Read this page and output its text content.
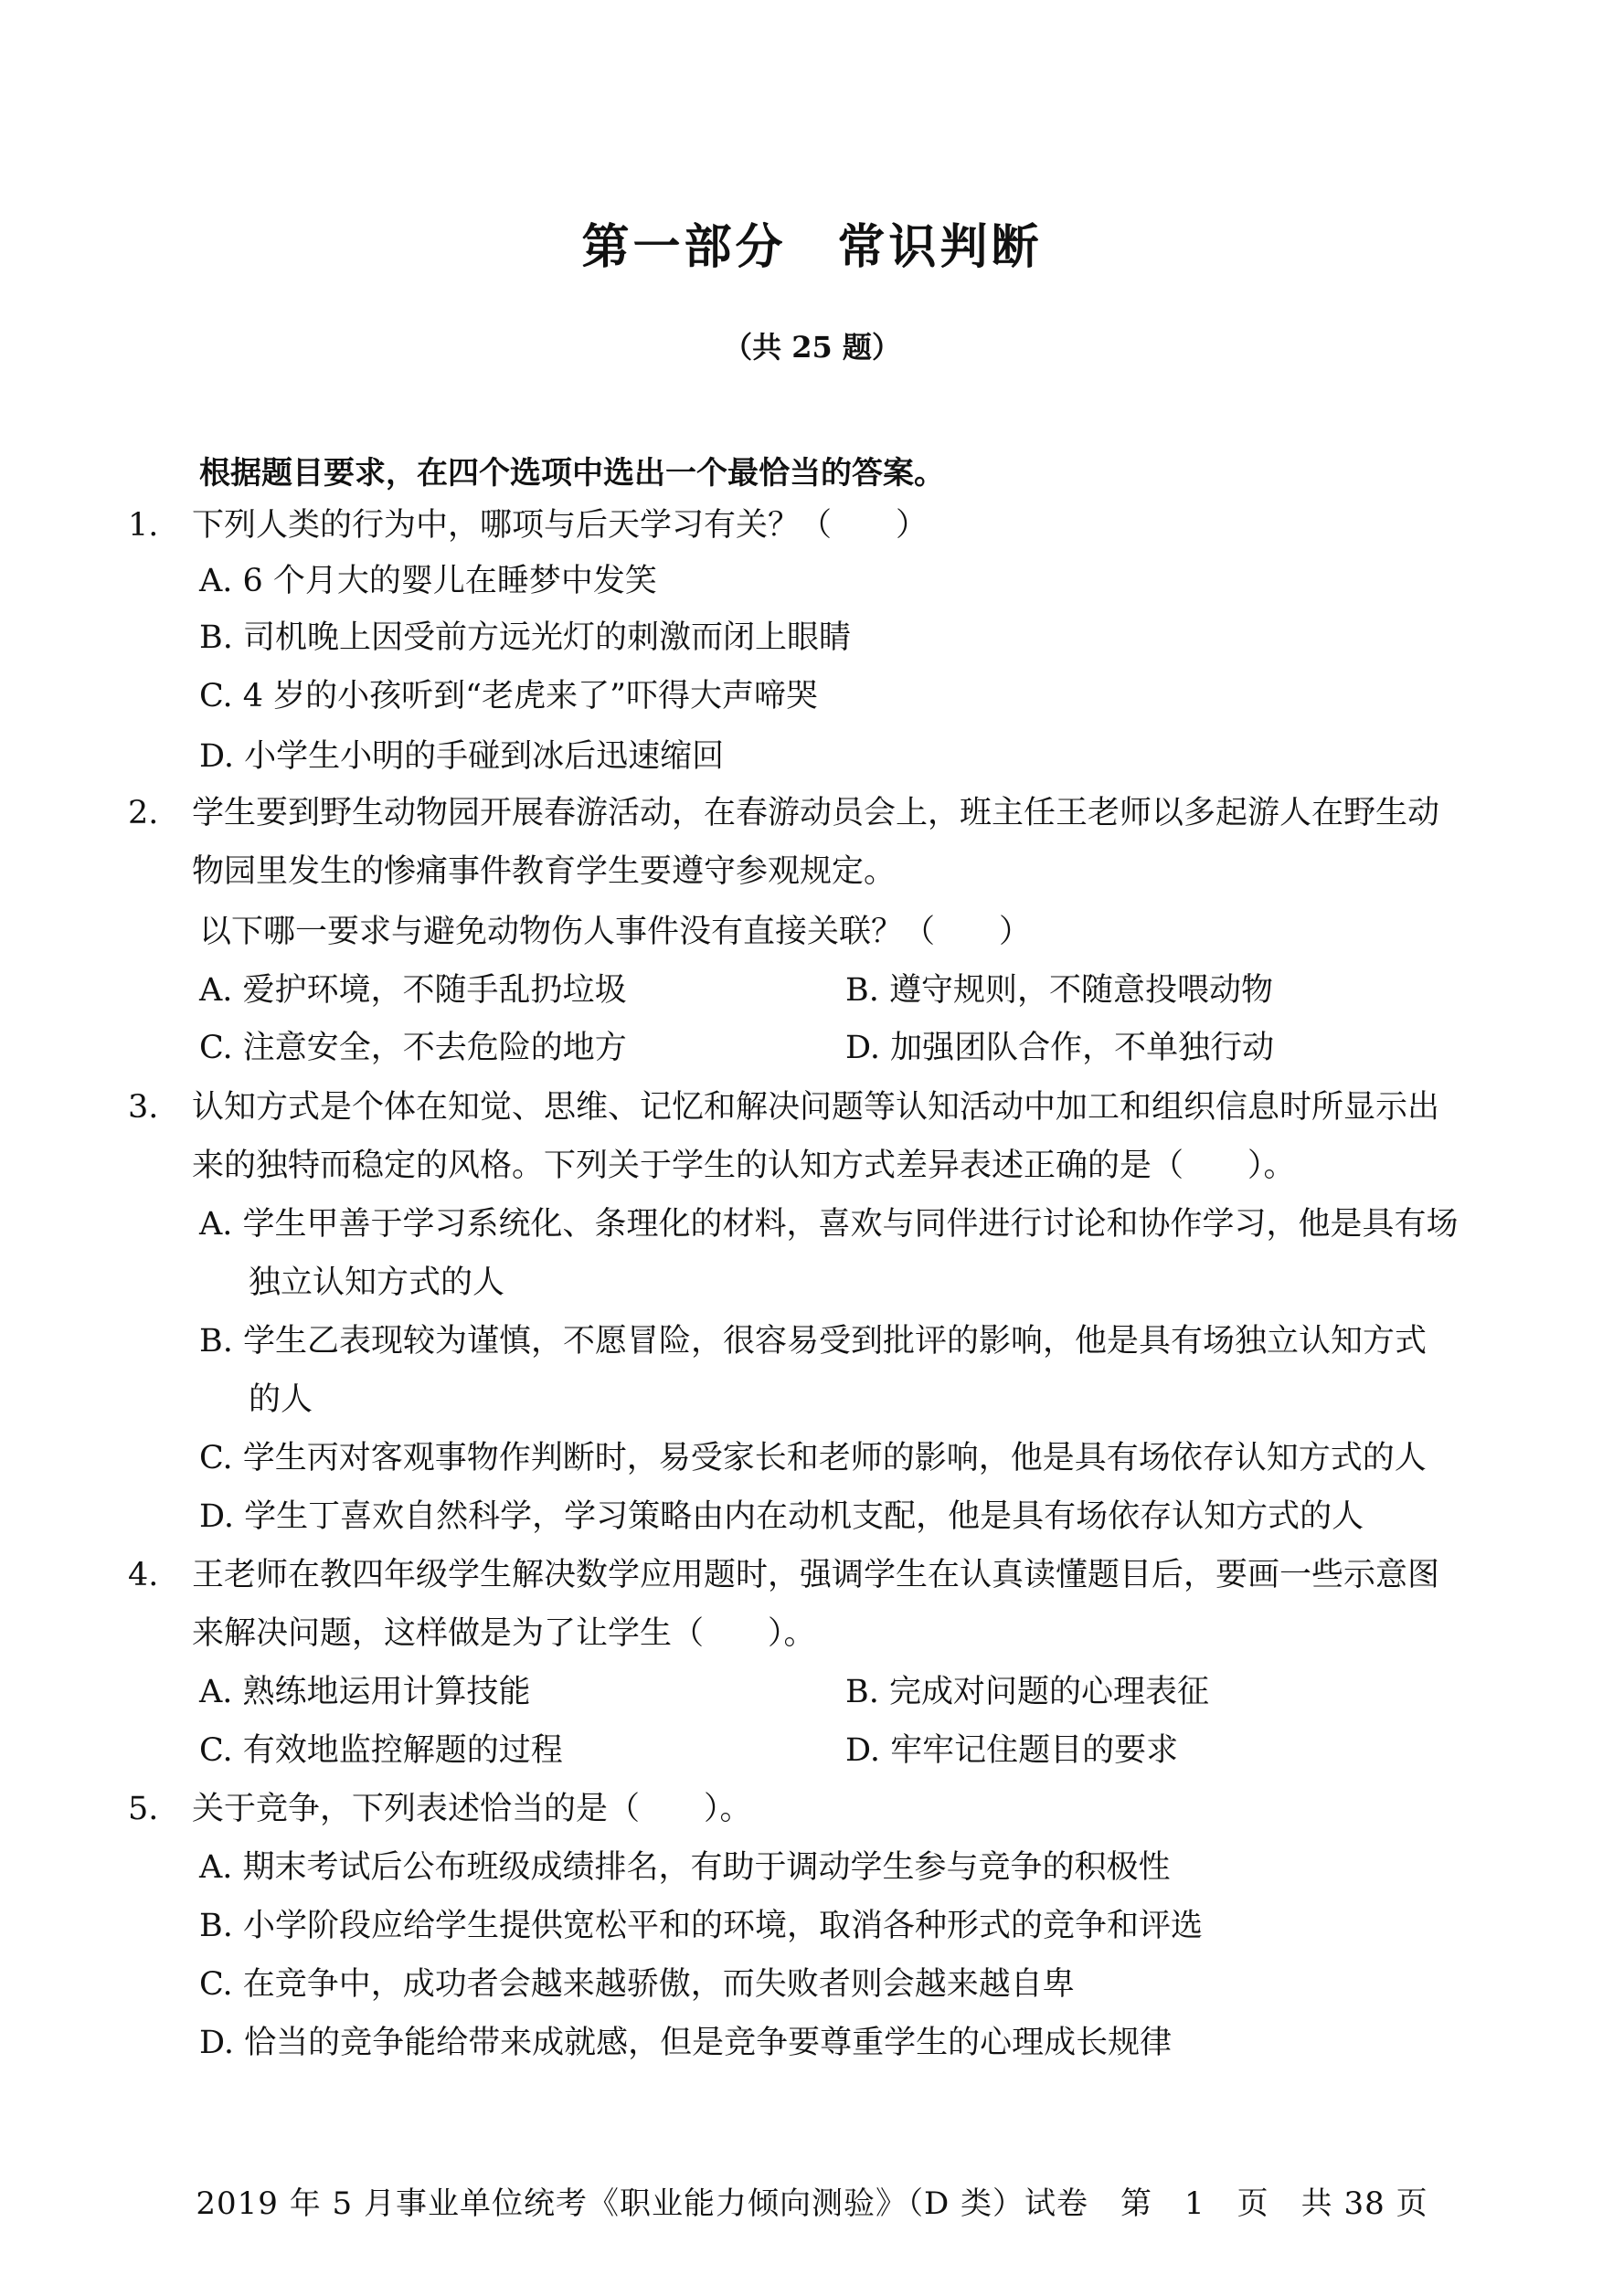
第一部分　常识判断
（共 25 题）
根据题目要求，在四个选项中选出一个最恰当的答案。
1. 下列人类的行为中，哪项与后天学习有关？（　　）
A. 6 个月大的婴儿在睡梦中发笑
B. 司机晚上因受前方远光灯的刺激而闭上眼睛
C. 4 岁的小孩听到“老虎来了”吓得大声啼哭
D. 小学生小明的手碰到冰后迅速缩回
2. 学生要到野生动物园开展春游活动，在春游动员会上，班主任王老师以多起游人在野生动
物园里发生的惨痛事件教育学生要遵守参观规定。
以下哪一要求与避免动物伤人事件没有直接关联？（　　）
A. 爱护环境，不随手乱扔垃圾	B. 遵守规则，不随意投喂动物
C. 注意安全，不去危险的地方	D. 加强团队合作，不单独行动
3. 认知方式是个体在知觉、思维、记忆和解决问题等认知活动中加工和组织信息时所显示出
来的独特而稳定的风格。下列关于学生的认知方式差异表述正确的是（　　）。
A. 学生甲善于学习系统化、条理化的材料，喜欢与同伴进行讨论和协作学习，他是具有场
独立认知方式的人
B. 学生乙表现较为谨慎，不愿冒险，很容易受到批评的影响，他是具有场独立认知方式
的人
C. 学生丙对客观事物作判断时，易受家长和老师的影响，他是具有场依存认知方式的人
D. 学生丁喜欢自然科学，学习策略由内在动机支配，他是具有场依存认知方式的人
4. 王老师在教四年级学生解决数学应用题时，强调学生在认真读懂题目后，要画一些示意图
来解决问题，这样做是为了让学生（　　）。
A. 熟练地运用计算技能	B. 完成对问题的心理表征
C. 有效地监控解题的过程	D. 牢牢记住题目的要求
5. 关于竞争，下列表述恰当的是（　　）。
A. 期末考试后公布班级成绩排名，有助于调动学生参与竞争的积极性
B. 小学阶段应给学生提供宽松平和的环境，取消各种形式的竞争和评选
C. 在竞争中，成功者会越来越骄傲，而失败者则会越来越自卑
D. 恰当的竞争能给带来成就感，但是竞争要尊重学生的心理成长规律
2019 年 5 月事业单位统考《职业能力倾向测验》（D 类）试卷　第　1　页　共 38 页
